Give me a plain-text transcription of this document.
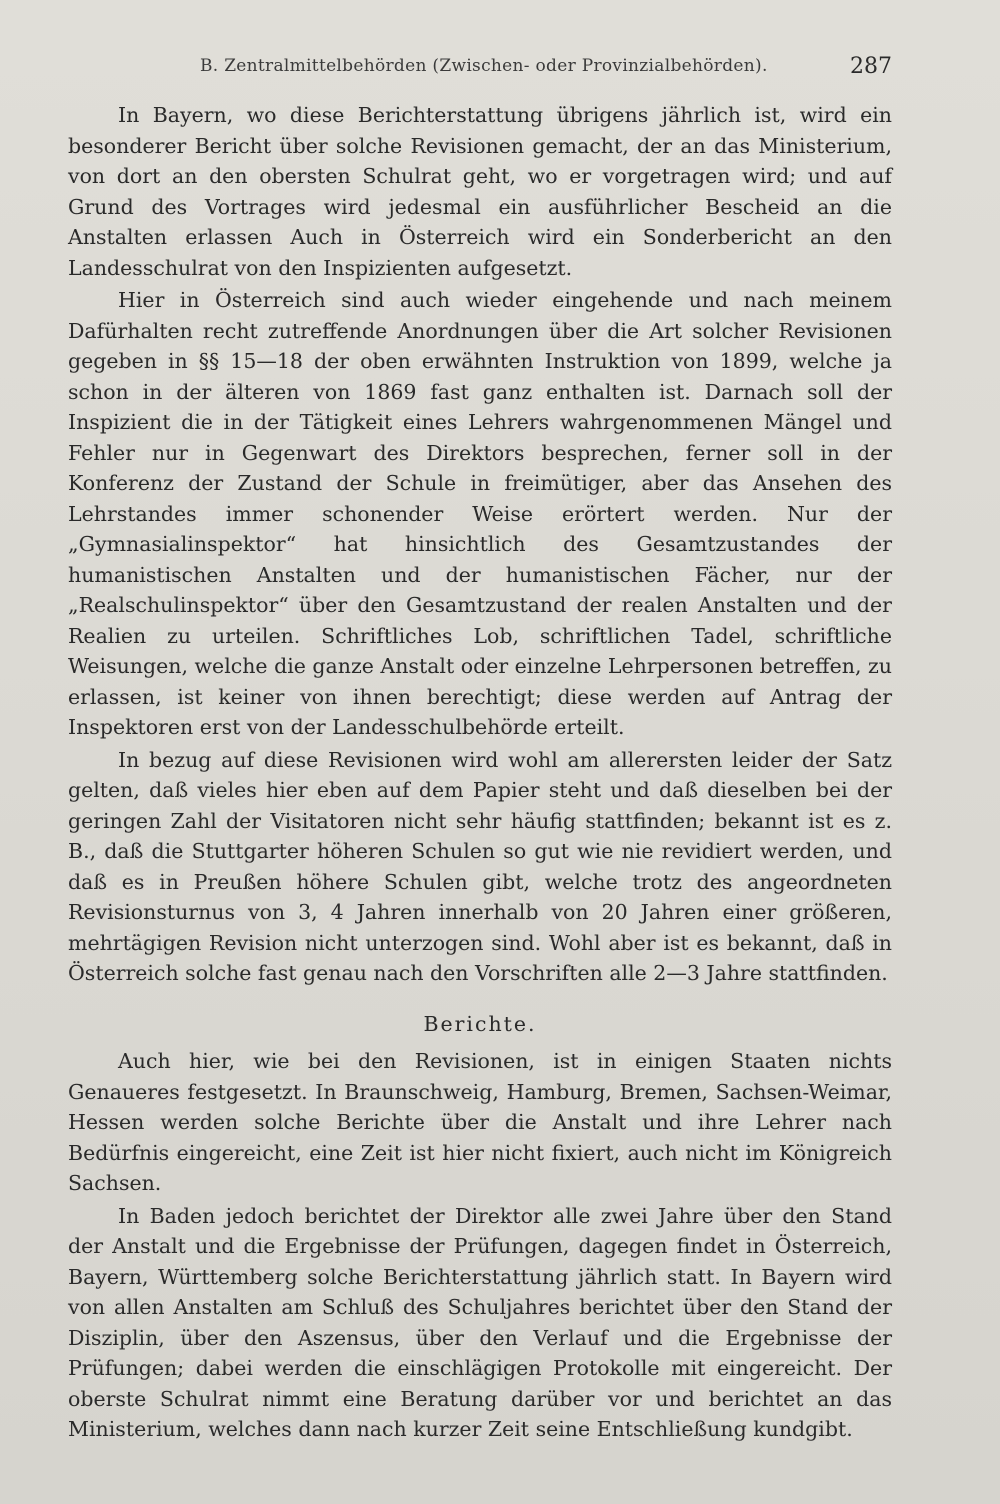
B. Zentralmittelbehörden (Zwischen- oder Provinzialbehörden).	287

In Bayern, wo diese Berichterstattung übrigens jährlich ist, wird ein besonderer Bericht über solche Revisionen gemacht, der an das Ministerium, von dort an den obersten Schulrat geht, wo er vorgetragen wird; und auf Grund des Vortrages wird jedesmal ein ausführlicher Bescheid an die Anstalten erlassen Auch in Österreich wird ein Sonderbericht an den Landesschulrat von den Inspizienten aufgesetzt.

Hier in Österreich sind auch wieder eingehende und nach meinem Dafürhalten recht zutreffende Anordnungen über die Art solcher Revisionen gegeben in §§ 15—18 der oben erwähnten Instruktion von 1899, welche ja schon in der älteren von 1869 fast ganz enthalten ist. Darnach soll der Inspizient die in der Tätigkeit eines Lehrers wahrgenommenen Mängel und Fehler nur in Gegenwart des Direktors besprechen, ferner soll in der Konferenz der Zustand der Schule in freimütiger, aber das Ansehen des Lehrstandes immer schonender Weise erörtert werden. Nur der „Gymnasialinspektor“ hat hinsichtlich des Gesamtzustandes der humanistischen Anstalten und der humanistischen Fächer, nur der „Realschulinspektor“ über den Gesamtzustand der realen Anstalten und der Realien zu urteilen. Schriftliches Lob, schriftlichen Tadel, schriftliche Weisungen, welche die ganze Anstalt oder einzelne Lehrpersonen betreffen, zu erlassen, ist keiner von ihnen berechtigt; diese werden auf Antrag der Inspektoren erst von der Landesschulbehörde erteilt.

In bezug auf diese Revisionen wird wohl am allerersten leider der Satz gelten, daß vieles hier eben auf dem Papier steht und daß dieselben bei der geringen Zahl der Visitatoren nicht sehr häufig stattfinden; bekannt ist es z. B., daß die Stuttgarter höheren Schulen so gut wie nie revidiert werden, und daß es in Preußen höhere Schulen gibt, welche trotz des angeordneten Revisionsturnus von 3, 4 Jahren innerhalb von 20 Jahren einer größeren, mehrtägigen Revision nicht unterzogen sind. Wohl aber ist es bekannt, daß in Österreich solche fast genau nach den Vorschriften alle 2—3 Jahre stattfinden.

Berichte.

Auch hier, wie bei den Revisionen, ist in einigen Staaten nichts Genaueres festgesetzt. In Braunschweig, Hamburg, Bremen, Sachsen-Weimar, Hessen werden solche Berichte über die Anstalt und ihre Lehrer nach Bedürfnis eingereicht, eine Zeit ist hier nicht fixiert, auch nicht im Königreich Sachsen.

In Baden jedoch berichtet der Direktor alle zwei Jahre über den Stand der Anstalt und die Ergebnisse der Prüfungen, dagegen findet in Österreich, Bayern, Württemberg solche Berichterstattung jährlich statt. In Bayern wird von allen Anstalten am Schluß des Schuljahres berichtet über den Stand der Disziplin, über den Aszensus, über den Verlauf und die Ergebnisse der Prüfungen; dabei werden die einschlägigen Protokolle mit eingereicht. Der oberste Schulrat nimmt eine Beratung darüber vor und berichtet an das Ministerium, welches dann nach kurzer Zeit seine Entschließung kundgibt.
